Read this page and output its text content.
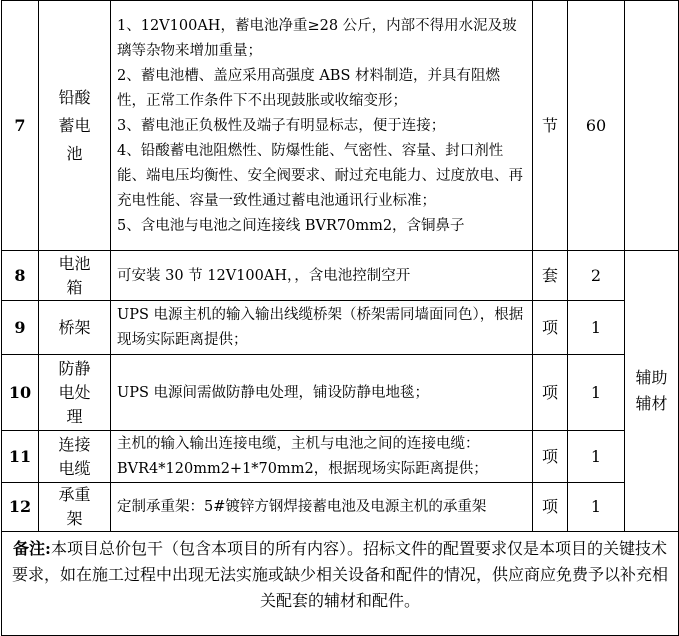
7	铅酸蓄电池	1、12V100AH，蓄电池净重≥28 公斤，内部不得用水泥及玻璃等杂物来增加重量；

2、蓄电池槽、盖应采用高强度 ABS 材料制造，并具有阻燃性，正常工作条件下不出现鼓胀或收缩变形；

3、蓄电池正负极性及端子有明显标志，便于连接；

4、铅酸蓄电池阻燃性、防爆性能、气密性、容量、封口剂性能、端电压均衡性、安全阀要求、耐过充电能力、过度放电、再充电性能、容量一致性通过蓄电池通讯行业标准；

5、含电池与电池之间连接线 BVR70mm2，含铜鼻子	节	60	
8	电池箱	可安装 30 节 12V100AH，，含电池控制空开	套	2	辅助辅材
9	桥架	UPS 电源主机的输入输出线缆桥架（桥架需同墙面同色），根据现场实际距离提供；	项	1	
10	防静电处理	UPS 电源间需做防静电处理，铺设防静电地毯；	项	1	
11	连接电缆	主机的输入输出连接电缆，主机与电池之间的连接电缆：BVR4*120mm2+1*70mm2，根据现场实际距离提供；	项	1	
12	承重架	定制承重架：5#镀锌方钢焊接蓄电池及电源主机的承重架	项	1	
备注:本项目总价包干（包含本项目的所有内容）。招标文件的配置要求仅是本项目的关键技术要求，如在施工过程中出现无法实施或缺少相关设备和配件的情况，供应商应免费予以补充相关配套的辅材和配件。					
